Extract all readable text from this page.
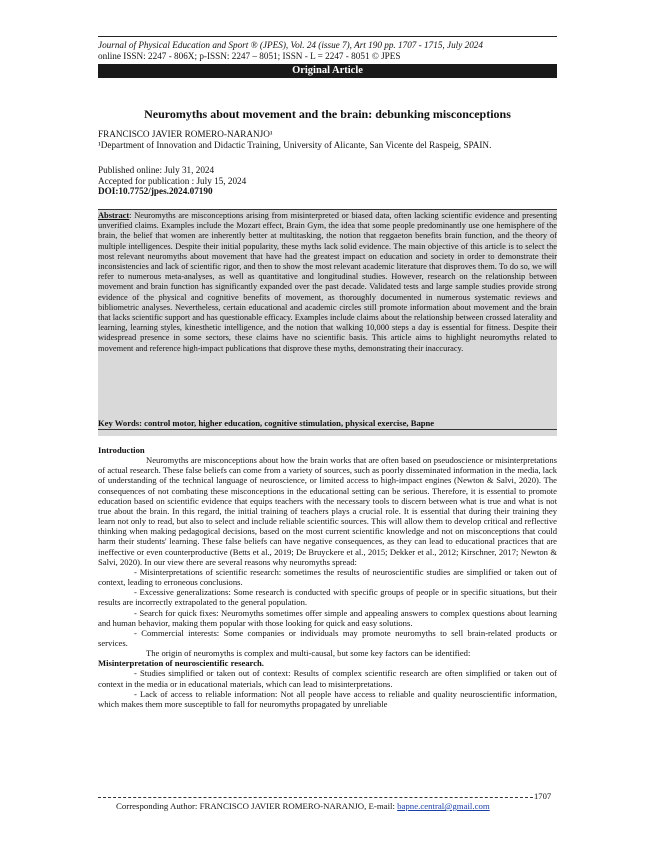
Journal of Physical Education and Sport ® (JPES), Vol. 24 (issue 7), Art 190 pp. 1707 - 1715, July 2024
online ISSN: 2247 - 806X; p-ISSN: 2247 – 8051; ISSN - L = 2247 - 8051 © JPES
Original Article
Neuromyths about movement and the brain: debunking misconceptions
FRANCISCO JAVIER ROMERO-NARANJO¹
¹Department of Innovation and Didactic Training, University of Alicante, San Vicente del Raspeig, SPAIN.
Published online: July 31, 2024
Accepted for publication : July 15, 2024
DOI:10.7752/jpes.2024.07190
Abstract: Neuromyths are misconceptions arising from misinterpreted or biased data, often lacking scientific evidence and presenting unverified claims. Examples include the Mozart effect, Brain Gym, the idea that some people predominantly use one hemisphere of the brain, the belief that women are inherently better at multitasking, the notion that reggaeton benefits brain function, and the theory of multiple intelligences. Despite their initial popularity, these myths lack solid evidence. The main objective of this article is to select the most relevant neuromyths about movement that have had the greatest impact on education and society in order to demonstrate their inconsistencies and lack of scientific rigor, and then to show the most relevant academic literature that disproves them. To do so, we will refer to numerous meta-analyses, as well as quantitative and longitudinal studies. However, research on the relationship between movement and brain function has significantly expanded over the past decade. Validated tests and large sample studies provide strong evidence of the physical and cognitive benefits of movement, as thoroughly documented in numerous systematic reviews and bibliometric analyses. Nevertheless, certain educational and academic circles still promote information about movement and the brain that lacks scientific support and has questionable efficacy. Examples include claims about the relationship between crossed laterality and learning, learning styles, kinesthetic intelligence, and the notion that walking 10,000 steps a day is essential for fitness. Despite their widespread presence in some sectors, these claims have no scientific basis. This article aims to highlight neuromyths related to movement and reference high-impact publications that disprove these myths, demonstrating their inaccuracy.
Key Words: control motor, higher education, cognitive stimulation, physical exercise, Bapne

Introduction

Neuromyths are misconceptions about how the brain works that are often based on pseudoscience or misinterpretations of actual research. These false beliefs can come from a variety of sources, such as poorly disseminated information in the media, lack of understanding of the technical language of neuroscience, or limited access to high-impact engines (Newton & Salvi, 2020). The consequences of not combating these misconceptions in the educational setting can be serious. Therefore, it is essential to promote education based on scientific evidence that equips teachers with the necessary tools to discern between what is true and what is not true about the brain. In this regard, the initial training of teachers plays a crucial role. It is essential that during their training they learn not only to read, but also to select and include reliable scientific sources. This will allow them to develop critical and reflective thinking when making pedagogical decisions, based on the most current scientific knowledge and not on misconceptions that could harm their students' learning. These false beliefs can have negative consequences, as they can lead to educational practices that are ineffective or even counterproductive (Betts et al., 2019; De Bruyckere et al., 2015; Dekker et al., 2012; Kirschner, 2017; Newton & Salvi, 2020). In our view there are several reasons why neuromyths spread:

- Misinterpretations of scientific research: sometimes the results of neuroscientific studies are simplified or taken out of context, leading to erroneous conclusions.

- Excessive generalizations: Some research is conducted with specific groups of people or in specific situations, but their results are incorrectly extrapolated to the general population.

- Search for quick fixes: Neuromyths sometimes offer simple and appealing answers to complex questions about learning and human behavior, making them popular with those looking for quick and easy solutions.

- Commercial interests: Some companies or individuals may promote neuromyths to sell brain-related products or services.

The origin of neuromyths is complex and multi-causal, but some key factors can be identified:

Misinterpretation of neuroscientific research.

- Studies simplified or taken out of context: Results of complex scientific research are often simplified or taken out of context in the media or in educational materials, which can lead to misinterpretations.

- Lack of access to reliable information: Not all people have access to reliable and quality neuroscientific information, which makes them more susceptible to fall for neuromyths propagated by unreliable

1707
Corresponding Author: FRANCISCO JAVIER ROMERO-NARANJO, E-mail: bapne.central@gmail.com
